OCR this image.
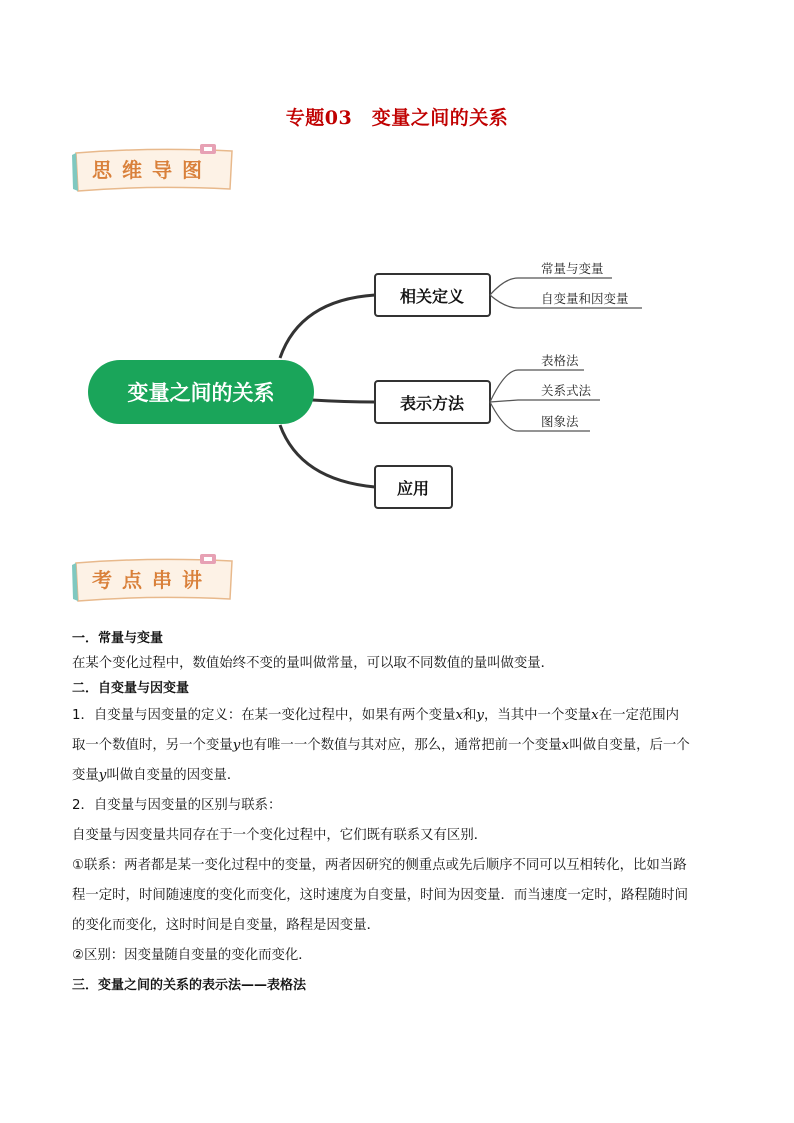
专题03　变量之间的关系
思维导图
变量之间的关系
相关定义
表示方法
应用
常量与变量
自变量和因变量
表格法
关系式法
图象法
考点串讲

一．常量与变量

在某个变化过程中，数值始终不变的量叫做常量，可以取不同数值的量叫做变量．

二．自变量与因变量

1．自变量与因变量的定义：在某一变化过程中，如果有两个变量x和y，当其中一个变量x在一定范围内

取一个数值时，另一个变量y也有唯一一个数值与其对应，那么，通常把前一个变量x叫做自变量，后一个

变量y叫做自变量的因变量．

2．自变量与因变量的区别与联系：

自变量与因变量共同存在于一个变化过程中，它们既有联系又有区别．

①联系：两者都是某一变化过程中的变量，两者因研究的侧重点或先后顺序不同可以互相转化，比如当路

程一定时，时间随速度的变化而变化，这时速度为自变量，时间为因变量．而当速度一定时，路程随时间

的变化而变化，这时时间是自变量，路程是因变量．

②区别：因变量随自变量的变化而变化．

三．变量之间的关系的表示法——表格法
